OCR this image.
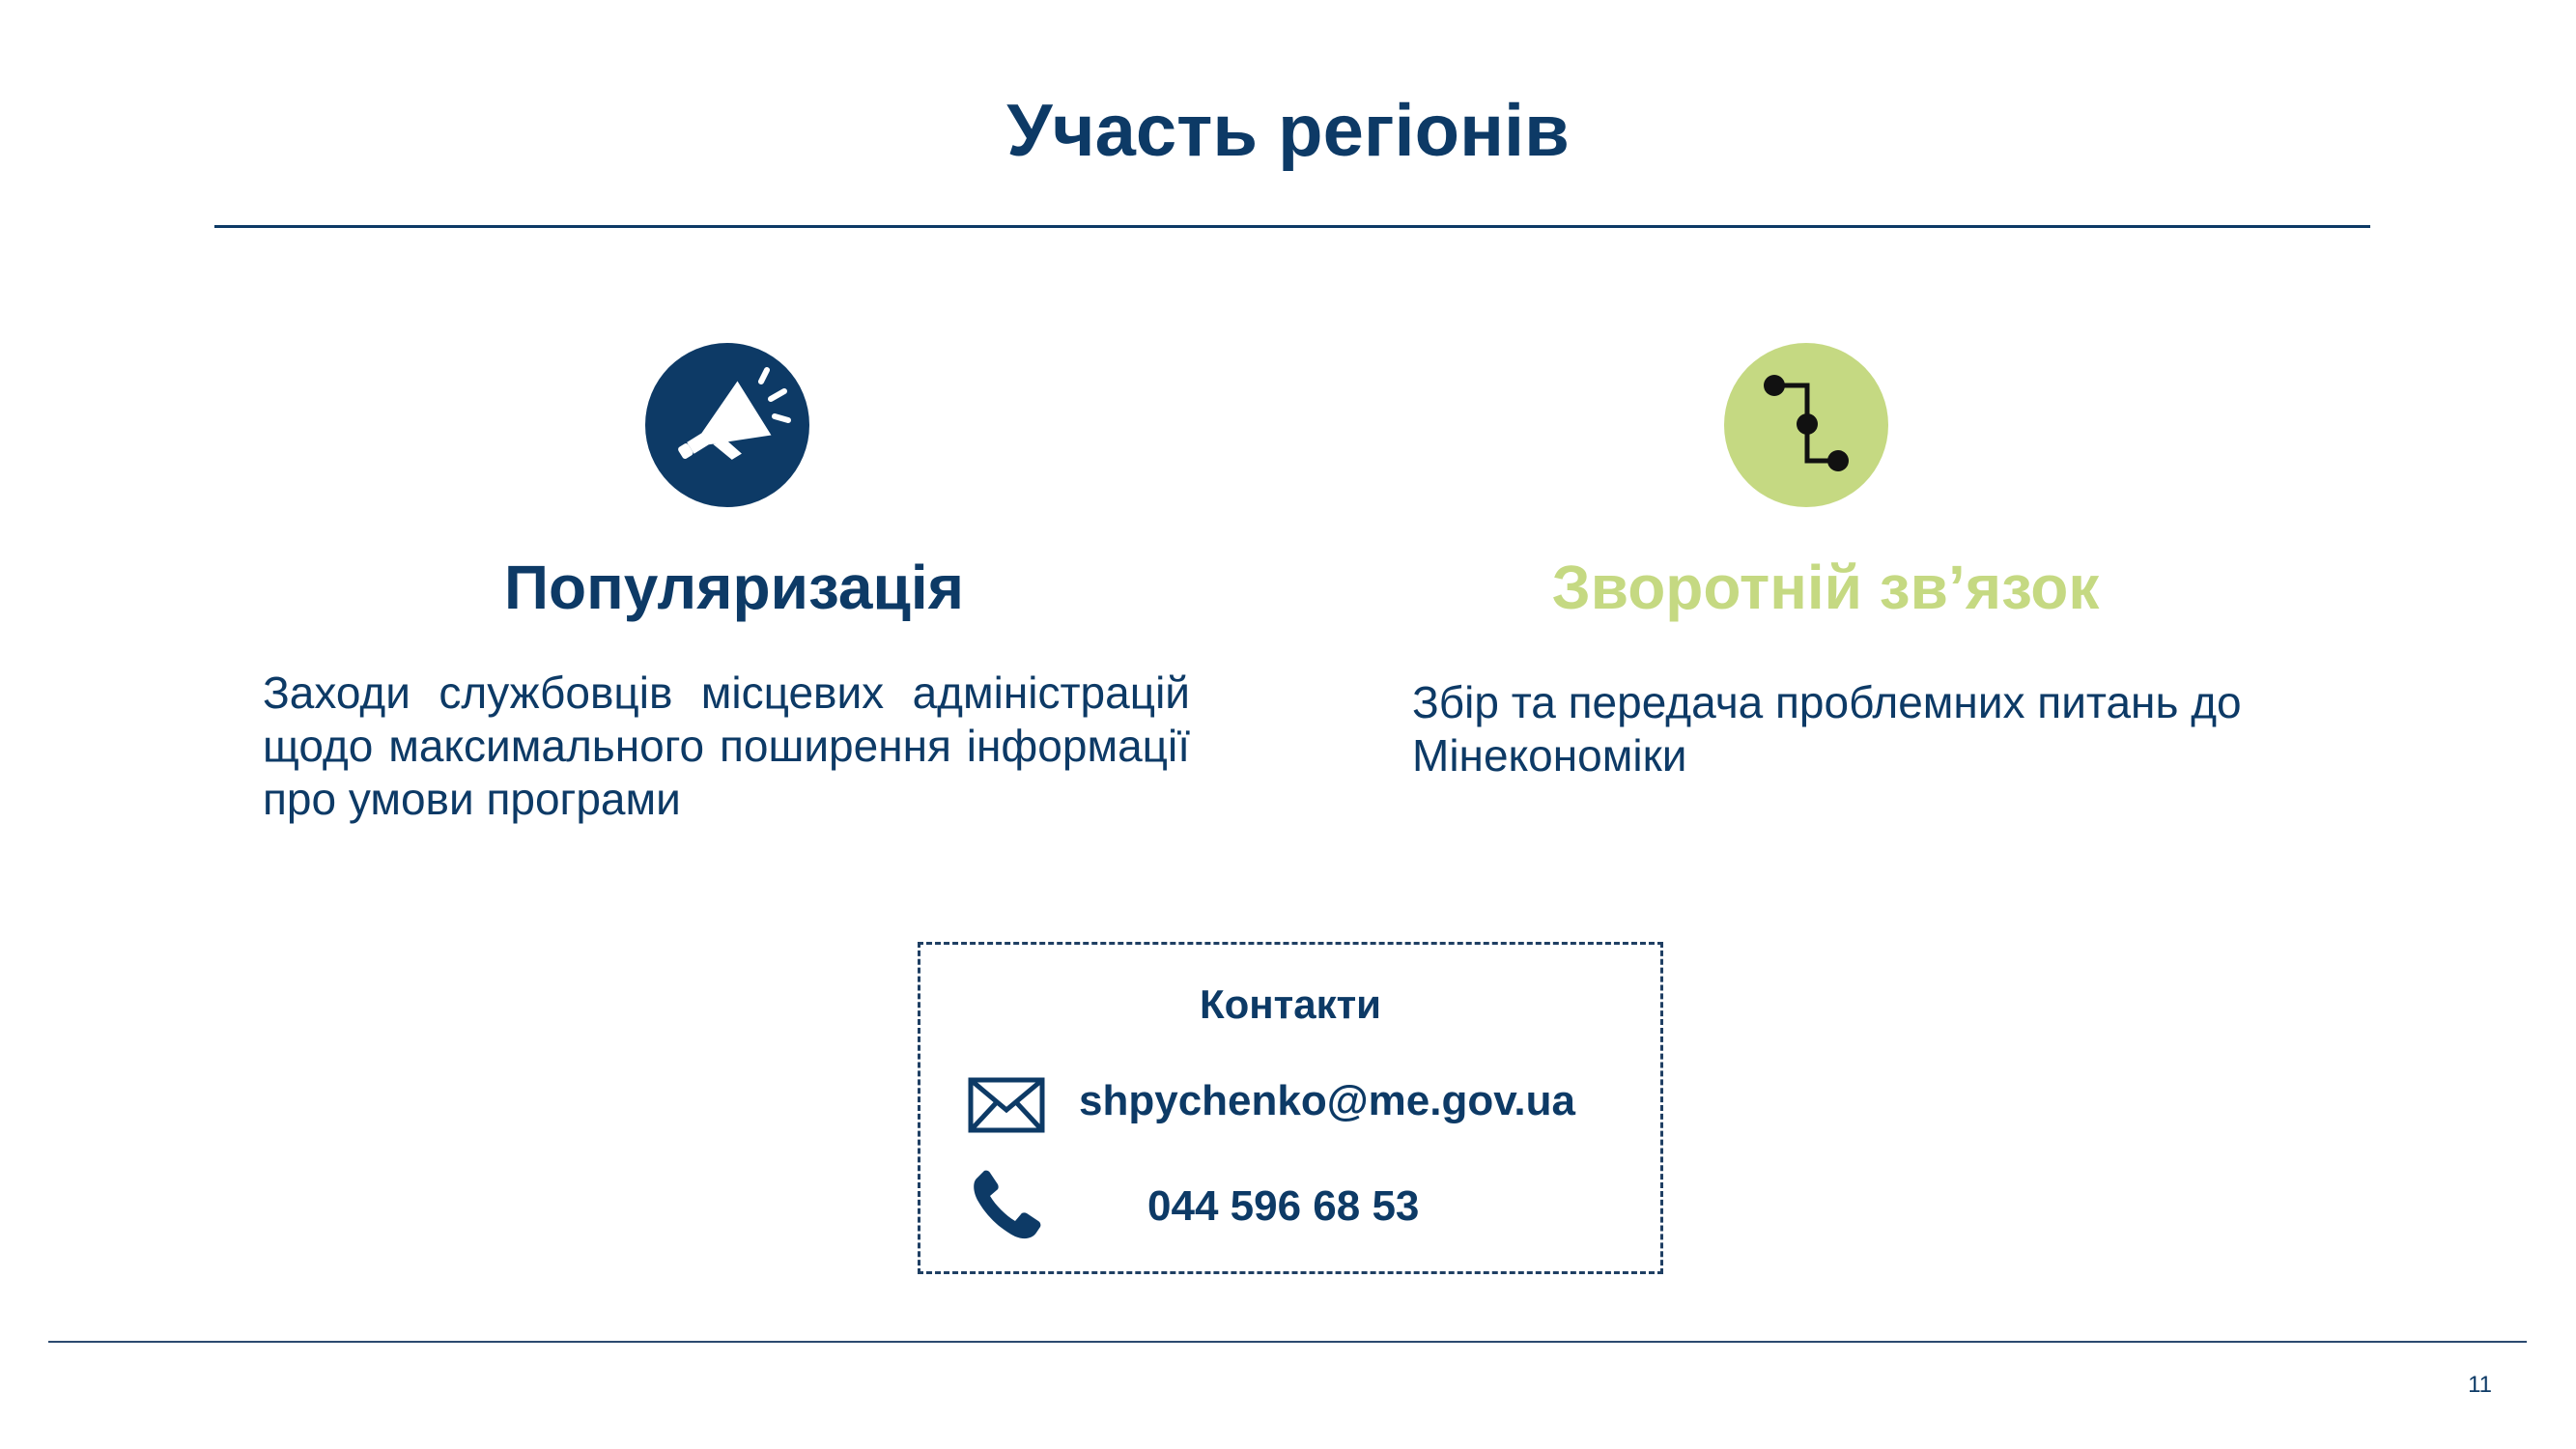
Участь регіонів
Популяризація
Заходи службовців місцевих адміністрацій щодо максимального поширення інформації про умови програми
Зворотній зв’язок
Збір та передача проблемних питань до Мінекономіки
Контакти
shpychenko@me.gov.ua
044 596 68 53
11
